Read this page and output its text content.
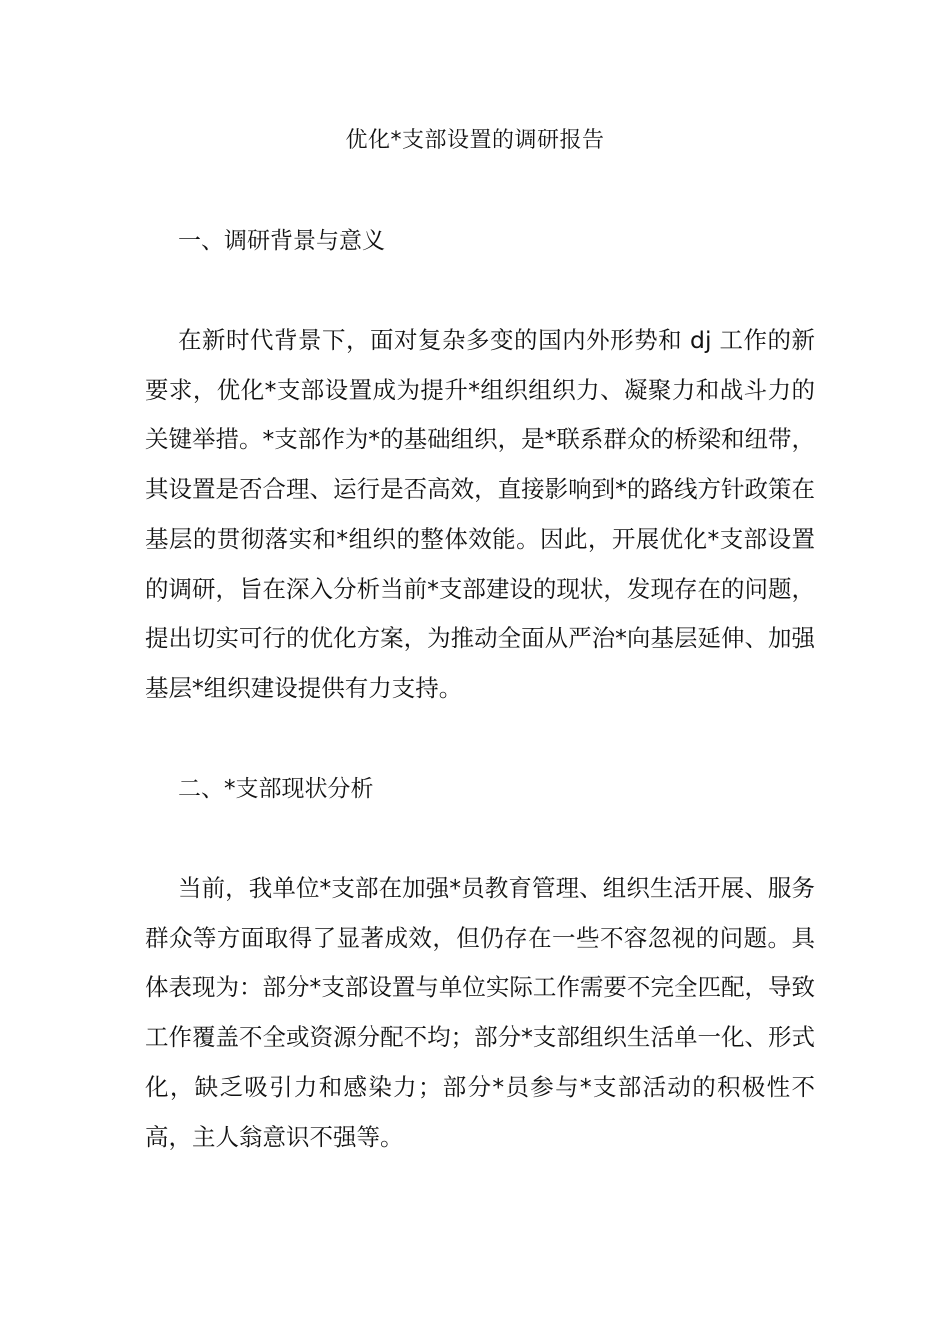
优化*支部设置的调研报告
一、调研背景与意义

在新时代背景下，面对复杂多变的国内外形势和 dj 工作的新要求，优化*支部设置成为提升*组织组织力、凝聚力和战斗力的关键举措。*支部作为*的基础组织，是*联系群众的桥梁和纽带，其设置是否合理、运行是否高效，直接影响到*的路线方针政策在基层的贯彻落实和*组织的整体效能。因此，开展优化*支部设置的调研，旨在深入分析当前*支部建设的现状，发现存在的问题，提出切实可行的优化方案，为推动全面从严治*向基层延伸、加强基层*组织建设提供有力支持。

二、*支部现状分析

当前，我单位*支部在加强*员教育管理、组织生活开展、服务群众等方面取得了显著成效，但仍存在一些不容忽视的问题。具体表现为：部分*支部设置与单位实际工作需要不完全匹配，导致工作覆盖不全或资源分配不均；部分*支部组织生活单一化、形式化，缺乏吸引力和感染力；部分*员参与*支部活动的积极性不高，主人翁意识不强等。
